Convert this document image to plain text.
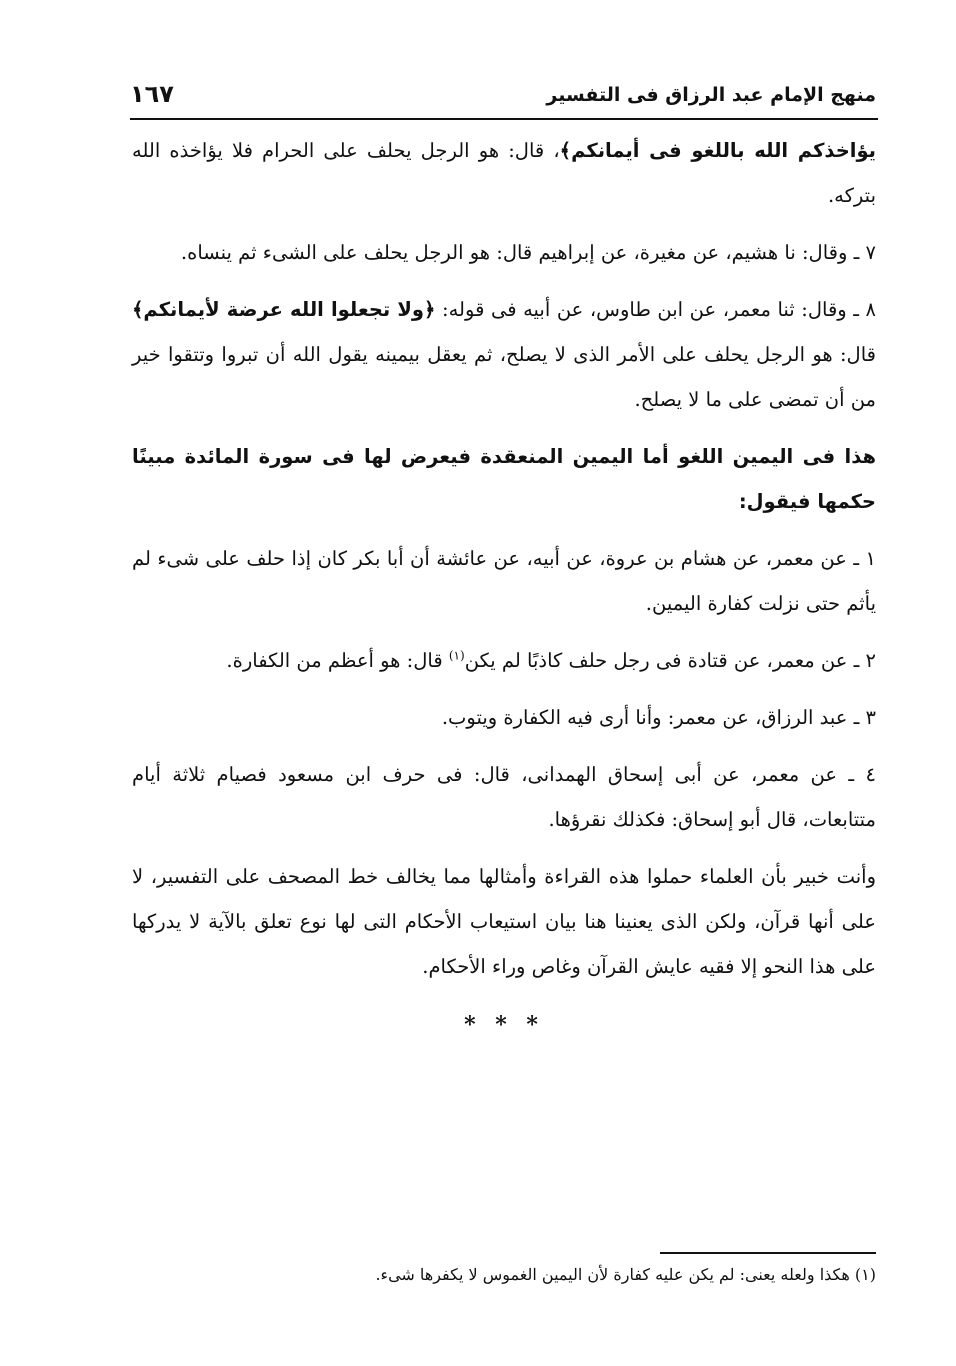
منهج الإمام عبد الرزاق فى التفسير
١٦٧

يؤاخذكم الله باللغو فى أيمانكم﴾، قال: هو الرجل يحلف على الحرام فلا يؤاخذه الله بتركه.

٧ ـ وقال: نا هشيم، عن مغيرة، عن إبراهيم قال: هو الرجل يحلف على الشىء ثم ينساه.

٨ ـ وقال: ثنا معمر، عن ابن طاوس، عن أبيه فى قوله: ﴿ولا تجعلوا الله عرضة لأيمانكم﴾ قال: هو الرجل يحلف على الأمر الذى لا يصلح، ثم يعقل بيمينه يقول الله أن تبروا وتتقوا خير من أن تمضى على ما لا يصلح.

هذا فى اليمين اللغو أما اليمين المنعقدة فيعرض لها فى سورة المائدة مبينًا حكمها فيقول:

١ ـ عن معمر، عن هشام بن عروة، عن أبيه، عن عائشة أن أبا بكر كان إذا حلف على شىء لم يأثم حتى نزلت كفارة اليمين.

٢ ـ عن معمر، عن قتادة فى رجل حلف كاذبًا لم يكن$^{(١)}$ قال: هو أعظم من الكفارة.

٣ ـ عبد الرزاق، عن معمر: وأنا أرى فيه الكفارة ويتوب.

٤ ـ عن معمر، عن أبى إسحاق الهمدانى، قال: فى حرف ابن مسعود فصيام ثلاثة أيام متتابعات، قال أبو إسحاق: فكذلك نقرؤها.

وأنت خبير بأن العلماء حملوا هذه القراءة وأمثالها مما يخالف خط المصحف على التفسير، لا على أنها قرآن، ولكن الذى يعنينا هنا بيان استيعاب الأحكام التى لها نوع تعلق بالآية لا يدركها على هذا النحو إلا فقيه عايش القرآن وغاص وراء الأحكام.

* * *
(١) هكذا ولعله يعنى: لم يكن عليه كفارة لأن اليمين الغموس لا يكفرها شىء.
